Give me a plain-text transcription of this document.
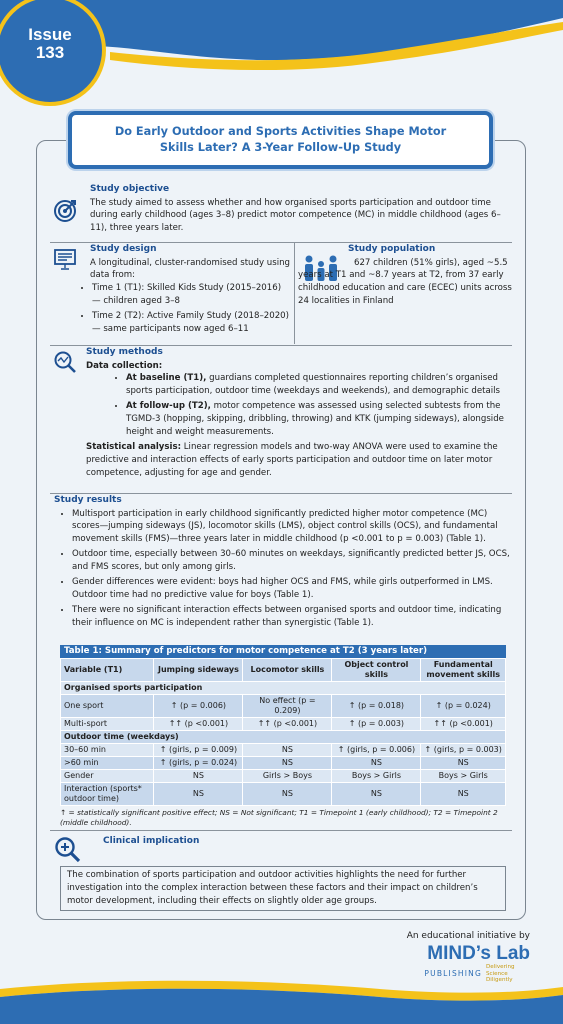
Issue
133
Do Early Outdoor and Sports Activities Shape Motor Skills Later? A 3-Year Follow-Up Study
Study objective
The study aimed to assess whether and how organised sports participation and outdoor time during early childhood (ages 3–8) predict motor competence (MC) in middle childhood (ages 6–11), three years later.
Study design
A longitudinal, cluster-randomised study using data from:
• Time 1 (T1): Skilled Kids Study (2015–2016) — children aged 3–8
• Time 2 (T2): Active Family Study (2018–2020) — same participants now aged 6–11
Study population
627 children (51% girls), aged ~5.5 years at T1 and ~8.7 years at T2, from 37 early childhood education and care (ECEC) units across 24 localities in Finland
Study methods
Data collection:
• At baseline (T1), guardians completed questionnaires reporting children’s organised sports participation, outdoor time (weekdays and weekends), and demographic details
• At follow-up (T2), motor competence was assessed using selected subtests from the TGMD-3 (hopping, skipping, dribbling, throwing) and KTK (jumping sideways), alongside height and weight measurements.
Statistical analysis: Linear regression models and two-way ANOVA were used to examine the predictive and interaction effects of early sports participation and outdoor time on later motor competence, adjusting for age and gender.
Study results
• Multisport participation in early childhood significantly predicted higher motor competence (MC) scores—jumping sideways (JS), locomotor skills (LMS), object control skills (OCS), and fundamental movement skills (FMS)—three years later in middle childhood (p <0.001 to p = 0.003) (Table 1).
• Outdoor time, especially between 30–60 minutes on weekdays, significantly predicted better JS, OCS, and FMS scores, but only among girls.
• Gender differences were evident: boys had higher OCS and FMS, while girls outperformed in LMS. Outdoor time had no predictive value for boys (Table 1).
• There were no significant interaction effects between organised sports and outdoor time, indicating their influence on MC is independent rather than synergistic (Table 1).
Table 1: Summary of predictors for motor competence at T2 (3 years later)
Variable (T1)	Jumping sideways	Locomotor skills	Object control skills	Fundamental movement skills
Organised sports participation				
One sport	↑ (p = 0.006)	No effect (p = 0.209)	↑ (p = 0.018)	↑ (p = 0.024)
Multi-sport	↑↑ (p <0.001)	↑↑ (p <0.001)	↑ (p = 0.003)	↑↑ (p <0.001)
Outdoor time (weekdays)				
30–60 min	↑ (girls, p = 0.009)	NS	↑ (girls, p = 0.006)	↑ (girls, p = 0.003)
>60 min	↑ (girls, p = 0.024)	NS	NS	NS
Gender	NS	Girls > Boys	Boys > Girls	Boys > Girls
Interaction (sports* outdoor time)	NS	NS	NS	NS
↑ = statistically significant positive effect; NS = Not significant; T1 = Timepoint 1 (early childhood); T2 = Timepoint 2 (middle childhood).
Clinical implication
The combination of sports participation and outdoor activities highlights the need for further investigation into the complex interaction between these factors and their impact on children’s motor development, including their effects on slightly older age groups.
An educational initiative by
MIND’s Lab
PUBLISHING
Delivering Science Diligently
